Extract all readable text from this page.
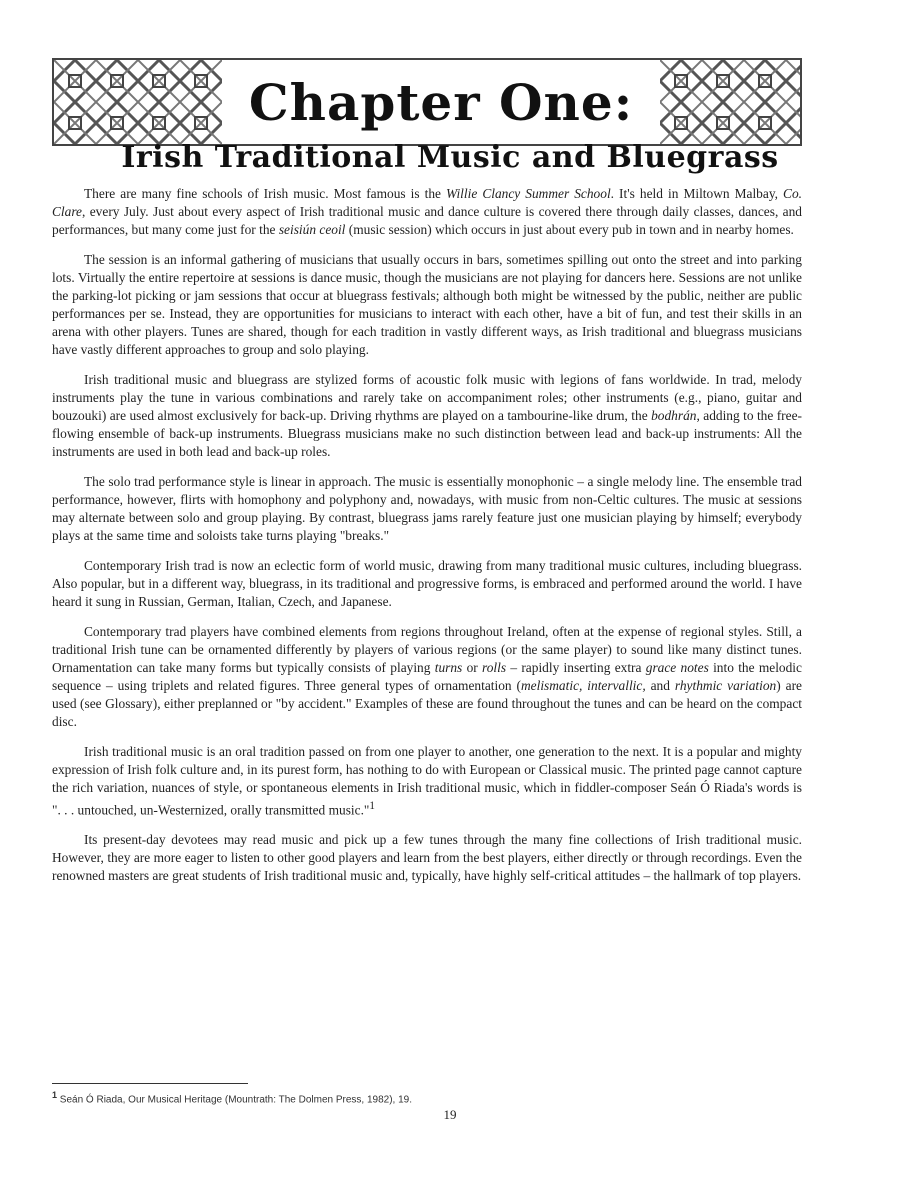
Chapter One:
Irish Traditional Music and Bluegrass

There are many fine schools of Irish music. Most famous is the Willie Clancy Summer School. It's held in Miltown Malbay, Co. Clare, every July. Just about every aspect of Irish traditional music and dance culture is covered there through daily classes, dances, and performances, but many come just for the seisiún ceoil (music session) which occurs in just about every pub in town and in nearby homes.

The session is an informal gathering of musicians that usually occurs in bars, sometimes spilling out onto the street and into parking lots. Virtually the entire repertoire at sessions is dance music, though the musicians are not playing for dancers here. Sessions are not unlike the parking-lot picking or jam sessions that occur at bluegrass festivals; although both might be witnessed by the public, neither are public performances per se. Instead, they are opportunities for musicians to interact with each other, have a bit of fun, and test their skills in an arena with other players. Tunes are shared, though for each tradition in vastly different ways, as Irish traditional and bluegrass musicians have vastly different approaches to group and solo playing.

Irish traditional music and bluegrass are stylized forms of acoustic folk music with legions of fans worldwide. In trad, melody instruments play the tune in various combinations and rarely take on accompaniment roles; other instruments (e.g., piano, guitar and bouzouki) are used almost exclusively for back-up. Driving rhythms are played on a tambourine-like drum, the bodhrán, adding to the free-flowing ensemble of back-up instruments. Bluegrass musicians make no such distinction between lead and back-up instruments: All the instruments are used in both lead and back-up roles.

The solo trad performance style is linear in approach. The music is essentially monophonic – a single melody line. The ensemble trad performance, however, flirts with homophony and polyphony and, nowadays, with music from non-Celtic cultures. The music at sessions may alternate between solo and group playing. By contrast, bluegrass jams rarely feature just one musician playing by himself; everybody plays at the same time and soloists take turns playing "breaks."

Contemporary Irish trad is now an eclectic form of world music, drawing from many traditional music cultures, including bluegrass. Also popular, but in a different way, bluegrass, in its traditional and progressive forms, is embraced and performed around the world. I have heard it sung in Russian, German, Italian, Czech, and Japanese.

Contemporary trad players have combined elements from regions throughout Ireland, often at the expense of regional styles. Still, a traditional Irish tune can be ornamented differently by players of various regions (or the same player) to sound like many distinct tunes. Ornamentation can take many forms but typically consists of playing turns or rolls – rapidly inserting extra grace notes into the melodic sequence – using triplets and related figures. Three general types of ornamentation (melismatic, intervallic, and rhythmic variation) are used (see Glossary), either preplanned or "by accident." Examples of these are found throughout the tunes and can be heard on the compact disc.

Irish traditional music is an oral tradition passed on from one player to another, one generation to the next. It is a popular and mighty expression of Irish folk culture and, in its purest form, has nothing to do with European or Classical music. The printed page cannot capture the rich variation, nuances of style, or spontaneous elements in Irish traditional music, which in fiddler-composer Seán Ó Riada's words is ". . . untouched, un-Westernized, orally transmitted music."$^1$

Its present-day devotees may read music and pick up a few tunes through the many fine collections of Irish traditional music. However, they are more eager to listen to other good players and learn from the best players, either directly or through recordings. Even the renowned masters are great students of Irish traditional music and, typically, have highly self-critical attitudes – the hallmark of top players.

$^1$ Seán Ó Riada, Our Musical Heritage (Mountrath: The Dolmen Press, 1982), 19.
19
